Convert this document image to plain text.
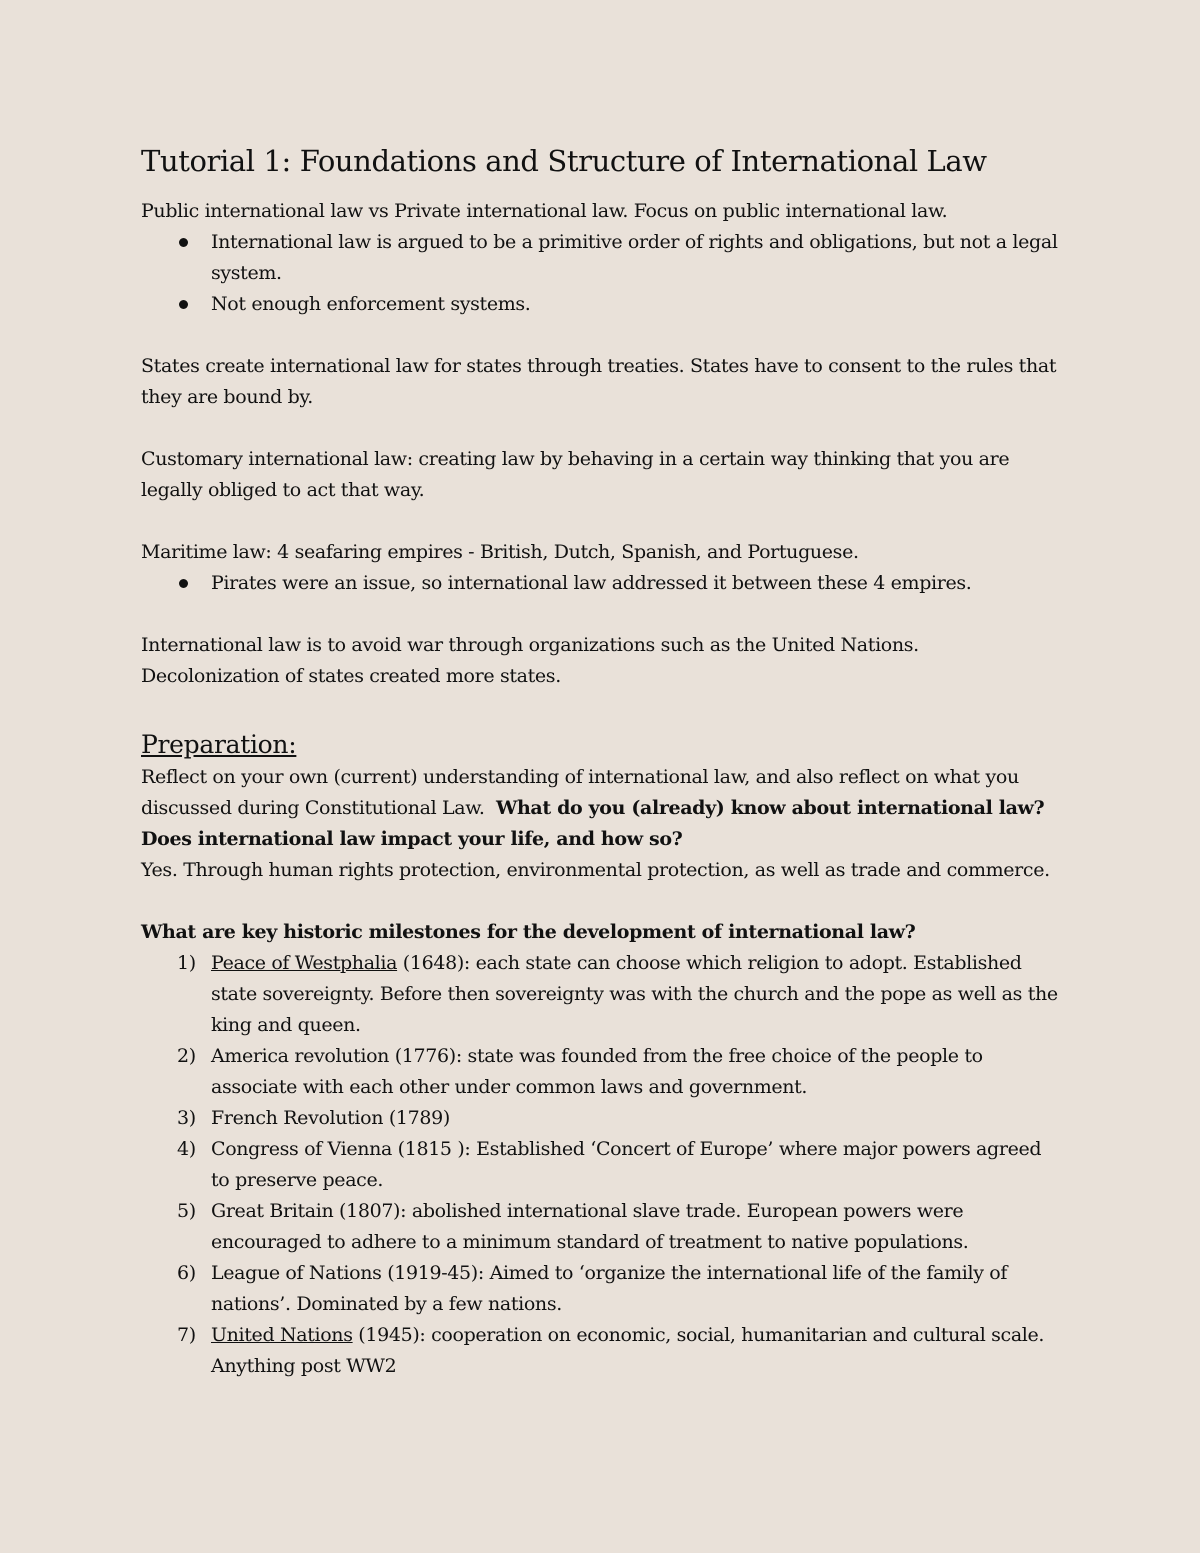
Tutorial 1: Foundations and Structure of International Law

Public international law vs Private international law. Focus on public international law.

International law is argued to be a primitive order of rights and obligations, but not a legal system.
Not enough enforcement systems.

States create international law for states through treaties. States have to consent to the rules that they are bound by.

Customary international law: creating law by behaving in a certain way thinking that you are legally obliged to act that way.

Maritime law: 4 seafaring empires - British, Dutch, Spanish, and Portuguese.

Pirates were an issue, so international law addressed it between these 4 empires.

International law is to avoid war through organizations such as the United Nations.
Decolonization of states created more states.

Preparation:

Reflect on your own (current) understanding of international law, and also reflect on what you discussed during Constitutional Law. What do you (already) know about international law? Does international law impact your life, and how so?

Yes. Through human rights protection, environmental protection, as well as trade and commerce.

What are key historic milestones for the development of international law?

1) Peace of Westphalia (1648): each state can choose which religion to adopt. Established state sovereignty. Before then sovereignty was with the church and the pope as well as the king and queen.
2) America revolution (1776): state was founded from the free choice of the people to associate with each other under common laws and government.
3) French Revolution (1789)
4) Congress of Vienna (1815 ): Established ‘Concert of Europe’ where major powers agreed to preserve peace.
5) Great Britain (1807): abolished international slave trade. European powers were encouraged to adhere to a minimum standard of treatment to native populations.
6) League of Nations (1919-45): Aimed to ‘organize the international life of the family of nations’. Dominated by a few nations.
7) United Nations (1945): cooperation on economic, social, humanitarian and cultural scale. Anything post WW2
